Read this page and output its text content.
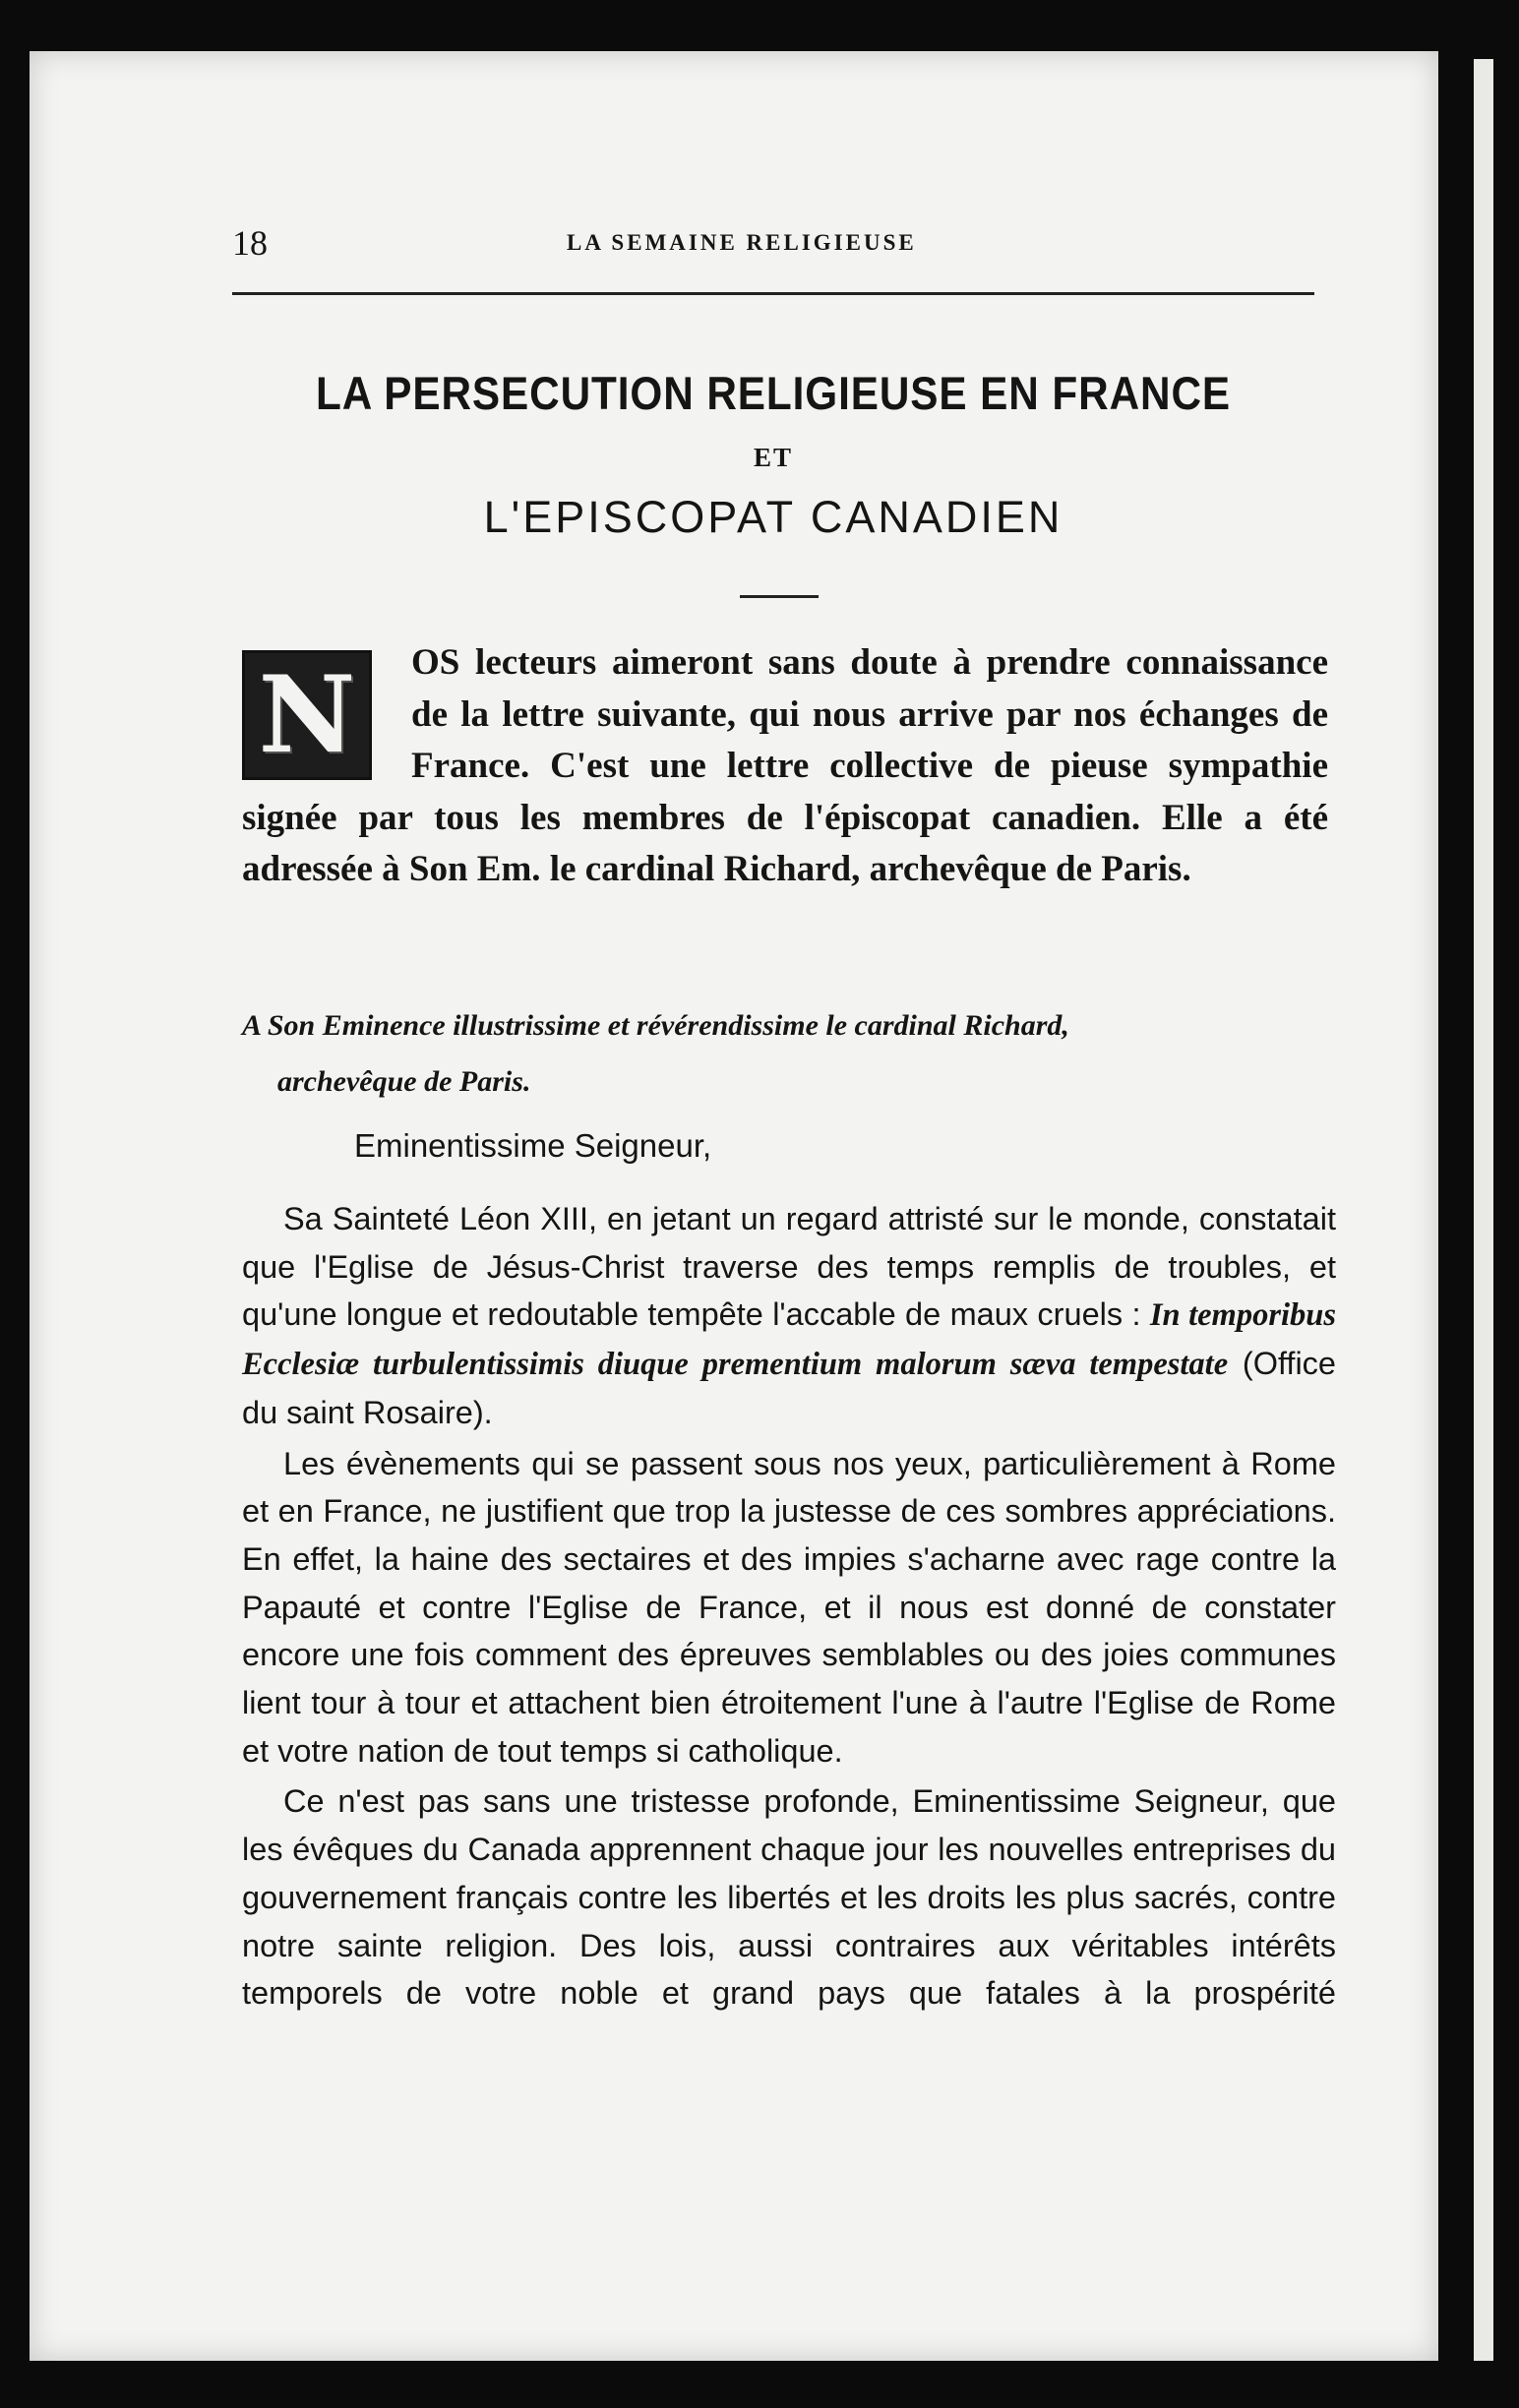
18	LA SEMAINE RELIGIEUSE
LA PERSECUTION RELIGIEUSE EN FRANCE
ET
L'EPISCOPAT CANADIEN
OS lecteurs aimeront sans doute à prendre connaissance de la lettre suivante, qui nous arrive par nos échanges de France. C'est une lettre collective de pieuse sympathie signée par tous les membres de l'épiscopat canadien. Elle a été adressée à Son Em. le cardinal Richard, archevêque de Paris.
N
A Son Eminence illustrissime et révérendissime le cardinal Richard,
archevêque de Paris.
Eminentissime Seigneur,

Sa Sainteté Léon XIII, en jetant un regard attristé sur le monde, constatait que l'Eglise de Jésus-Christ traverse des temps remplis de troubles, et qu'une longue et redoutable tempête l'accable de maux cruels : In temporibus Ecclesiæ turbulentissimis diuque prementium malorum sæva tempestate (Office du saint Rosaire).

Les évènements qui se passent sous nos yeux, particulièrement à Rome et en France, ne justifient que trop la justesse de ces sombres appréciations. En effet, la haine des sectaires et des impies s'acharne avec rage contre la Papauté et contre l'Eglise de France, et il nous est donné de constater encore une fois comment des épreuves semblables ou des joies communes lient tour à tour et attachent bien étroitement l'une à l'autre l'Eglise de Rome et votre nation de tout temps si catholique.

Ce n'est pas sans une tristesse profonde, Eminentissime Seigneur, que les évêques du Canada apprennent chaque jour les nouvelles entreprises du gouvernement français contre les libertés et les droits les plus sacrés, contre notre sainte religion. Des lois, aussi contraires aux véritables intérêts temporels de votre noble et grand pays que fatales à la prospérité
